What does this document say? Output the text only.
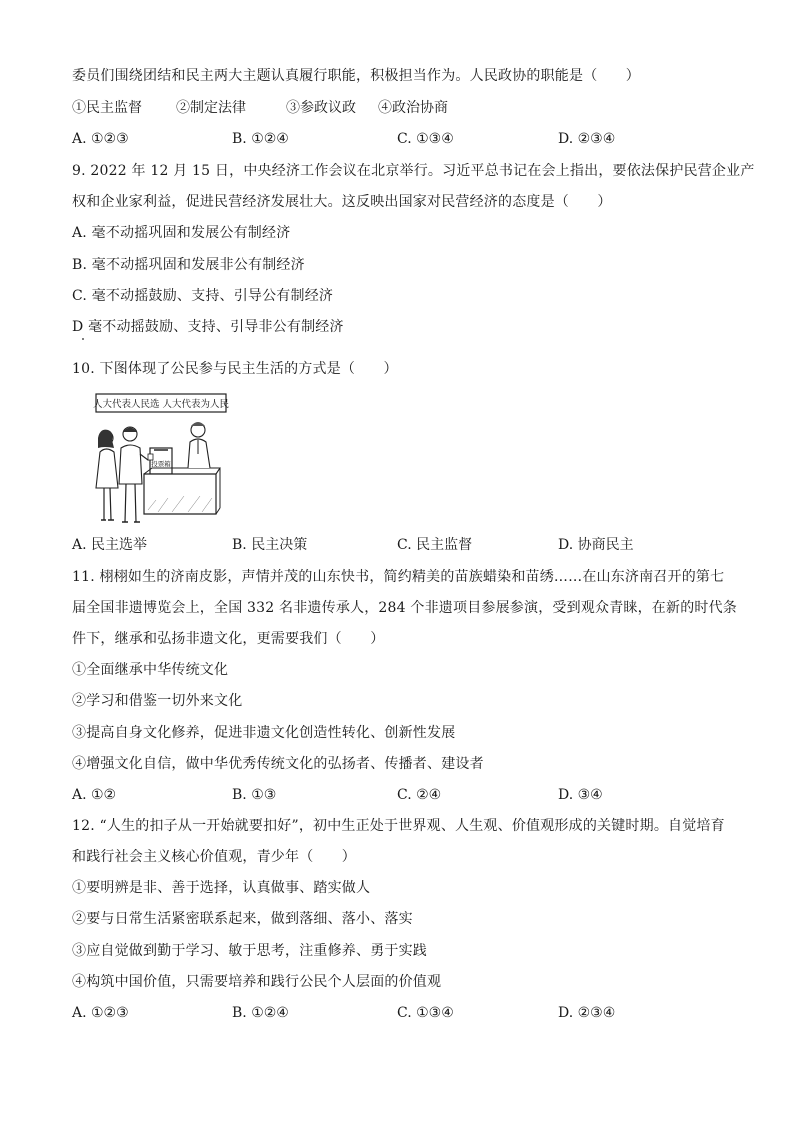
委员们围绕团结和民主两大主题认真履行职能，积极担当作为。人民政协的职能是（　　）
①民主监督 ②制定法律	③参政议政 ④政治协商
A. ①②③	B. ①②④	C. ①③④	D. ②③④
9. 2022 年 12 月 15 日，中央经济工作会议在北京举行。习近平总书记在会上指出，要依法保护民营企业产
权和企业家利益，促进民营经济发展壮大。这反映出国家对民营经济的态度是（　　）
A. 毫不动摇巩固和发展公有制经济
B. 毫不动摇巩固和发展非公有制经济
C. 毫不动摇鼓励、支持、引导公有制经济
D 毫不动摇鼓励、支持、引导非公有制经济
10. 下图体现了公民参与民主生活的方式是（　　）
人大代表人民选 人大代表为人民
投票箱
A. 民主选举	B. 民主决策	C. 民主监督	D. 协商民主
11. 栩栩如生的济南皮影，声情并茂的山东快书，简约精美的苗族蜡染和苗绣……在山东济南召开的第七
届全国非遗博览会上，全国 332 名非遗传承人，284 个非遗项目参展参演，受到观众青睐，在新的时代条
件下，继承和弘扬非遗文化，更需要我们（　　）
①全面继承中华传统文化
②学习和借鉴一切外来文化
③提高自身文化修养，促进非遗文化创造性转化、创新性发展
④增强文化自信，做中华优秀传统文化的弘扬者、传播者、建设者
A. ①②	B. ①③	C. ②④	D. ③④
12. “人生的扣子从一开始就要扣好”，初中生正处于世界观、人生观、价值观形成的关键时期。自觉培育
和践行社会主义核心价值观，青少年（　　）
①要明辨是非、善于选择，认真做事、踏实做人
②要与日常生活紧密联系起来，做到落细、落小、落实
③应自觉做到勤于学习、敏于思考，注重修养、勇于实践
④构筑中国价值，只需要培养和践行公民个人层面的价值观
A. ①②③	B. ①②④	C. ①③④	D. ②③④
